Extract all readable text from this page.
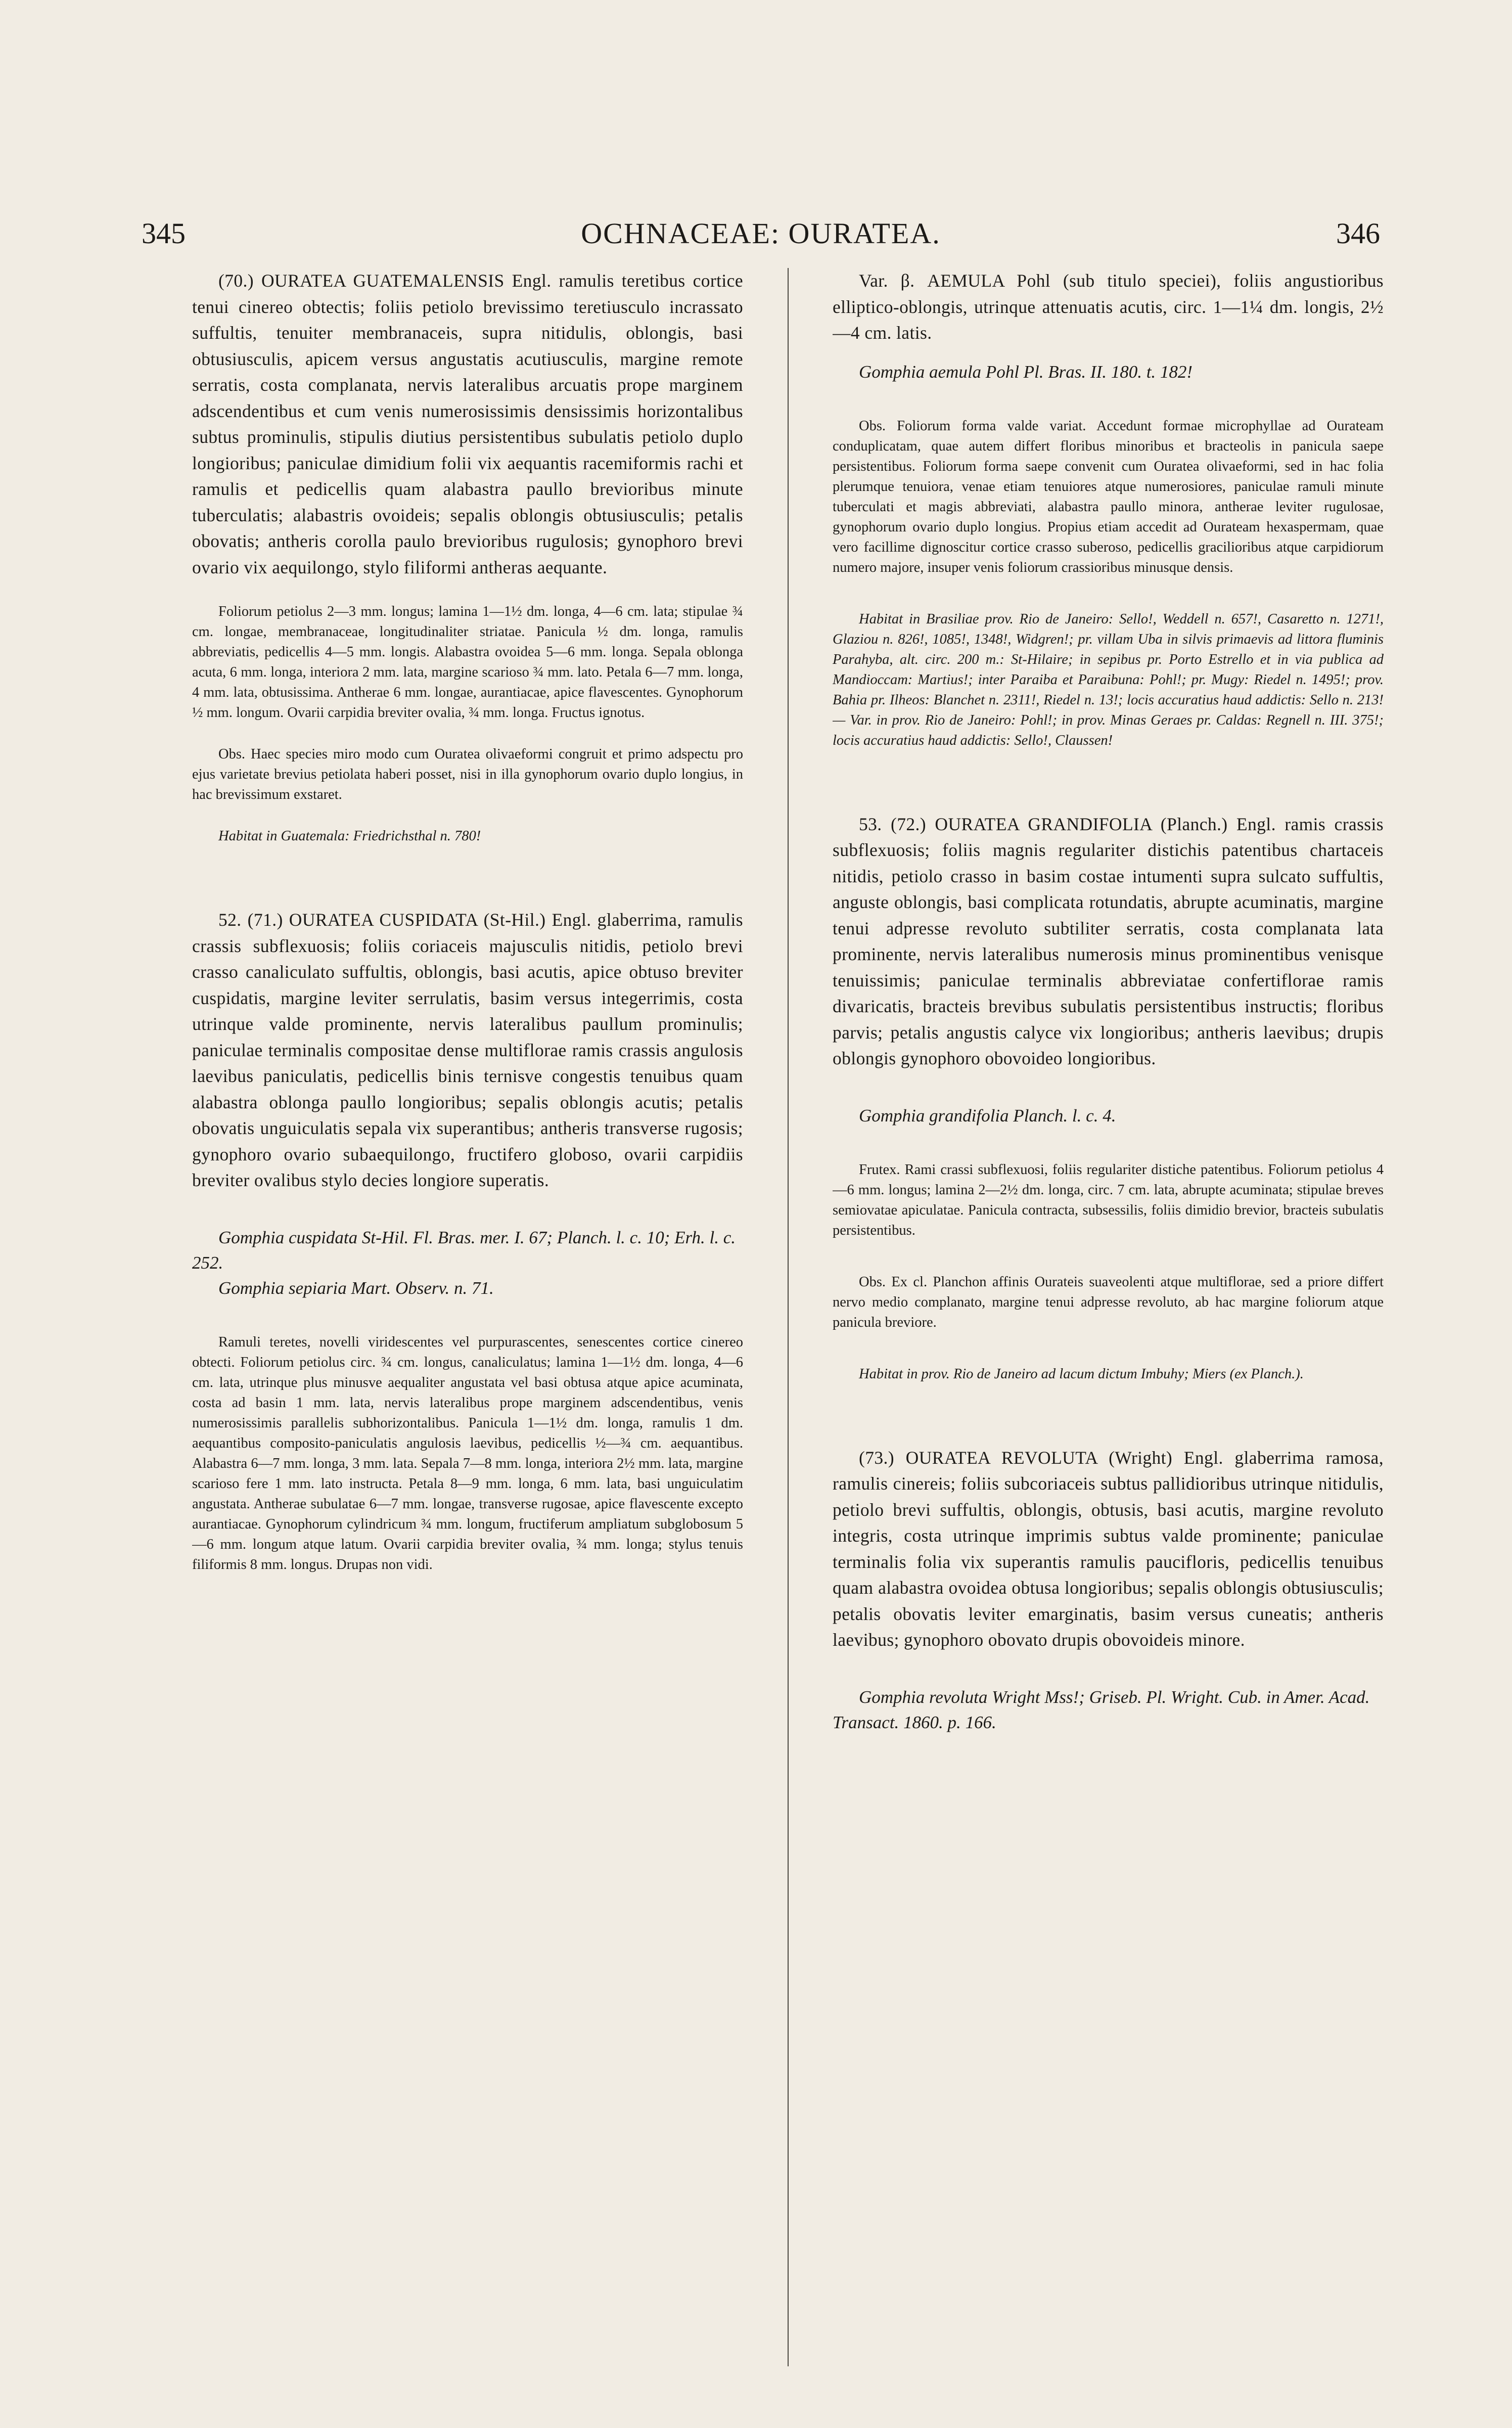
345	OCHNACEAE: OURATEA.	346

(70.) OURATEA GUATEMALENSIS Engl. ramulis teretibus cortice tenui cinereo obtectis; foliis petiolo brevissimo teretiusculo incrassato suffultis, tenuiter membranaceis, supra nitidulis, oblongis, basi obtusiusculis, apicem versus angustatis acutiusculis, margine remote serratis, costa complanata, nervis lateralibus arcuatis prope marginem adscendentibus et cum venis numerosissimis densissimis horizontalibus subtus prominulis, stipulis diutius persistentibus subulatis petiolo duplo longioribus; paniculae dimidium folii vix aequantis racemiformis rachi et ramulis et pedicellis quam alabastra paullo brevioribus minute tuberculatis; alabastris ovoideis; sepalis oblongis obtusiusculis; petalis obovatis; antheris corolla paulo brevioribus rugulosis; gynophoro brevi ovario vix aequilongo, stylo filiformi antheras aequante.

Foliorum petiolus 2—3 mm. longus; lamina 1—1½ dm. longa, 4—6 cm. lata; stipulae ¾ cm. longae, membranaceae, longitudinaliter striatae. Panicula ½ dm. longa, ramulis abbreviatis, pedicellis 4—5 mm. longis. Alabastra ovoidea 5—6 mm. longa. Sepala oblonga acuta, 6 mm. longa, interiora 2 mm. lata, margine scarioso ¾ mm. lato. Petala 6—7 mm. longa, 4 mm. lata, obtusissima. Antherae 6 mm. longae, aurantiacae, apice flavescentes. Gynophorum ½ mm. longum. Ovarii carpidia breviter ovalia, ¾ mm. longa. Fructus ignotus.

Obs. Haec species miro modo cum Ouratea olivaeformi congruit et primo adspectu pro ejus varietate brevius petiolata haberi posset, nisi in illa gynophorum ovario duplo longius, in hac brevissimum exstaret.

Habitat in Guatemala: Friedrichsthal n. 780!

52. (71.) OURATEA CUSPIDATA (St-Hil.) Engl. glaberrima, ramulis crassis subflexuosis; foliis coriaceis majusculis nitidis, petiolo brevi crasso canaliculato suffultis, oblongis, basi acutis, apice obtuso breviter cuspidatis, margine leviter serrulatis, basim versus integerrimis, costa utrinque valde prominente, nervis lateralibus paullum prominulis; paniculae terminalis compositae dense multiflorae ramis crassis angulosis laevibus paniculatis, pedicellis binis ternisve congestis tenuibus quam alabastra oblonga paullo longioribus; sepalis oblongis acutis; petalis obovatis unguiculatis sepala vix superantibus; antheris transverse rugosis; gynophoro ovario subaequilongo, fructifero globoso, ovarii carpidiis breviter ovalibus stylo decies longiore superatis.

Gomphia cuspidata St-Hil. Fl. Bras. mer. I. 67; Planch. l. c. 10; Erh. l. c. 252.

Gomphia sepiaria Mart. Observ. n. 71.

Ramuli teretes, novelli viridescentes vel purpurascentes, senescentes cortice cinereo obtecti. Foliorum petiolus circ. ¾ cm. longus, canaliculatus; lamina 1—1½ dm. longa, 4—6 cm. lata, utrinque plus minusve aequaliter angustata vel basi obtusa atque apice acuminata, costa ad basin 1 mm. lata, nervis lateralibus prope marginem adscendentibus, venis numerosissimis parallelis subhorizontalibus. Panicula 1—1½ dm. longa, ramulis 1 dm. aequantibus composito-paniculatis angulosis laevibus, pedicellis ½—¾ cm. aequantibus. Alabastra 6—7 mm. longa, 3 mm. lata. Sepala 7—8 mm. longa, interiora 2½ mm. lata, margine scarioso fere 1 mm. lato instructa. Petala 8—9 mm. longa, 6 mm. lata, basi unguiculatim angustata. Antherae subulatae 6—7 mm. longae, transverse rugosae, apice flavescente excepto aurantiacae. Gynophorum cylindricum ¾ mm. longum, fructiferum ampliatum subglobosum 5—6 mm. longum atque latum. Ovarii carpidia breviter ovalia, ¾ mm. longa; stylus tenuis filiformis 8 mm. longus. Drupas non vidi.

Var. β. AEMULA Pohl (sub titulo speciei), foliis angustioribus elliptico-oblongis, utrinque attenuatis acutis, circ. 1—1¼ dm. longis, 2½—4 cm. latis.

Gomphia aemula Pohl Pl. Bras. II. 180. t. 182!

Obs. Foliorum forma valde variat. Accedunt formae microphyllae ad Ourateam conduplicatam, quae autem differt floribus minoribus et bracteolis in panicula saepe persistentibus. Foliorum forma saepe convenit cum Ouratea olivaeformi, sed in hac folia plerumque tenuiora, venae etiam tenuiores atque numerosiores, paniculae ramuli minute tuberculati et magis abbreviati, alabastra paullo minora, antherae leviter rugulosae, gynophorum ovario duplo longius. Propius etiam accedit ad Ourateam hexaspermam, quae vero facillime dignoscitur cortice crasso suberoso, pedicellis gracilioribus atque carpidiorum numero majore, insuper venis foliorum crassioribus minusque densis.

Habitat in Brasiliae prov. Rio de Janeiro: Sello!, Weddell n. 657!, Casaretto n. 1271!, Glaziou n. 826!, 1085!, 1348!, Widgren!; pr. villam Uba in silvis primaevis ad littora fluminis Parahyba, alt. circ. 200 m.: St-Hilaire; in sepibus pr. Porto Estrello et in via publica ad Mandioccam: Martius!; inter Paraiba et Paraibuna: Pohl!; pr. Mugy: Riedel n. 1495!; prov. Bahia pr. Ilheos: Blanchet n. 2311!, Riedel n. 13!; locis accuratius haud addictis: Sello n. 213! — Var. in prov. Rio de Janeiro: Pohl!; in prov. Minas Geraes pr. Caldas: Regnell n. III. 375!; locis accuratius haud addictis: Sello!, Claussen!

53. (72.) OURATEA GRANDIFOLIA (Planch.) Engl. ramis crassis subflexuosis; foliis magnis regulariter distichis patentibus chartaceis nitidis, petiolo crasso in basim costae intumenti supra sulcato suffultis, anguste oblongis, basi complicata rotundatis, abrupte acuminatis, margine tenui adpresse revoluto subtiliter serratis, costa complanata lata prominente, nervis lateralibus numerosis minus prominentibus venisque tenuissimis; paniculae terminalis abbreviatae confertiflorae ramis divaricatis, bracteis brevibus subulatis persistentibus instructis; floribus parvis; petalis angustis calyce vix longioribus; antheris laevibus; drupis oblongis gynophoro obovoideo longioribus.

Gomphia grandifolia Planch. l. c. 4.

Frutex. Rami crassi subflexuosi, foliis regulariter distiche patentibus. Foliorum petiolus 4—6 mm. longus; lamina 2—2½ dm. longa, circ. 7 cm. lata, abrupte acuminata; stipulae breves semiovatae apiculatae. Panicula contracta, subsessilis, foliis dimidio brevior, bracteis subulatis persistentibus.

Obs. Ex cl. Planchon affinis Ourateis suaveolenti atque multiflorae, sed a priore differt nervo medio complanato, margine tenui adpresse revoluto, ab hac margine foliorum atque panicula breviore.

Habitat in prov. Rio de Janeiro ad lacum dictum Imbuhy; Miers (ex Planch.).

(73.) OURATEA REVOLUTA (Wright) Engl. glaberrima ramosa, ramulis cinereis; foliis subcoriaceis subtus pallidioribus utrinque nitidulis, petiolo brevi suffultis, oblongis, obtusis, basi acutis, margine revoluto integris, costa utrinque imprimis subtus valde prominente; paniculae terminalis folia vix superantis ramulis paucifloris, pedicellis tenuibus quam alabastra ovoidea obtusa longioribus; sepalis oblongis obtusiusculis; petalis obovatis leviter emarginatis, basim versus cuneatis; antheris laevibus; gynophoro obovato drupis obovoideis minore.

Gomphia revoluta Wright Mss!; Griseb. Pl. Wright. Cub. in Amer. Acad. Transact. 1860. p. 166.
